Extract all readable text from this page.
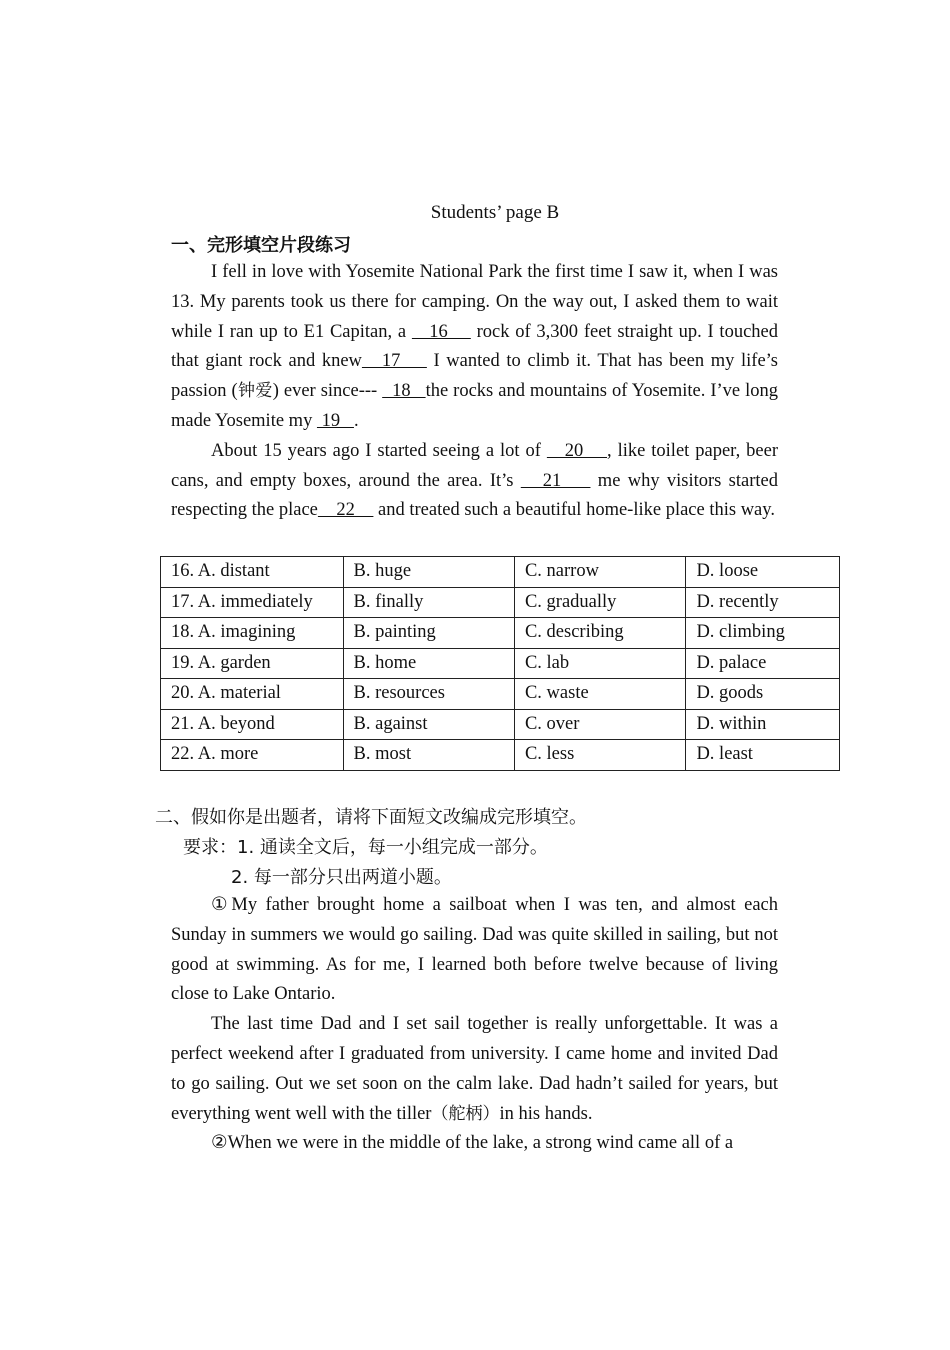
Students’ page B
一、完形填空片段练习

I fell in love with Yosemite National Park the first time I saw it, when I was 13. My parents took us there for camping. On the way out, I asked them to wait while I ran up to E1 Capitan, a    16     rock of 3,300 feet straight up. I touched that giant rock and knew   17     I wanted to climb it. That has been my life’s passion (钟爱) ever since---   18   the rocks and mountains of Yosemite. I’ve long made Yosemite my  19   .

About 15 years ago I started seeing a lot of    20    , like toilet paper, beer cans, and empty boxes, around the area. It’s    21     me why visitors started respecting the place    22     and treated such a beautiful home-like place this way.

16. A. distant	B. huge	C. narrow	D. loose
17. A. immediately	B. finally	C. gradually	D. recently
18. A. imagining	B. painting	C. describing	D. climbing
19. A. garden	B. home	C. lab	D. palace
20. A. material	B. resources	C. waste	D. goods
21. A. beyond	B. against	C. over	D. within
22. A. more	B. most	C. less	D. least
二、假如你是出题者，请将下面短文改编成完形填空。
要求：1. 通读全文后，每一小组完成一部分。
2. 每一部分只出两道小题。

①My father brought home a sailboat when I was ten, and almost each Sunday in summers we would go sailing. Dad was quite skilled in sailing, but not good at swimming. As for me, I learned both before twelve because of living close to Lake Ontario.

The last time Dad and I set sail together is really unforgettable. It was a perfect weekend after I graduated from university. I came home and invited Dad to go sailing. Out we set soon on the calm lake. Dad hadn’t sailed for years, but everything went well with the tiller（舵柄）in his hands.

②When we were in the middle of the lake, a strong wind came all of a
